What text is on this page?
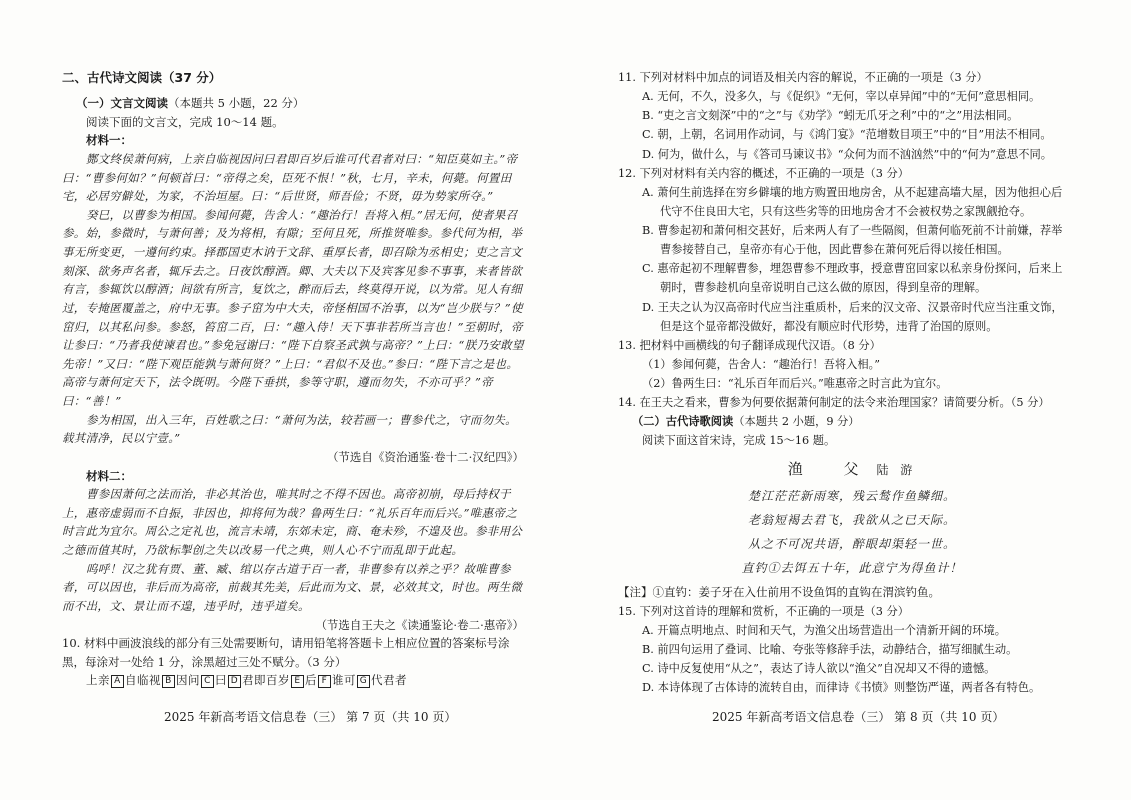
二、古代诗文阅读（37 分）

（一）文言文阅读（本题共 5 小题，22 分）

阅读下面的文言文，完成 10～14 题。

材料一：

酂文终侯萧何病，上亲自临视因问曰君即百岁后谁可代君者对曰：“知臣莫如主。”帝曰：“曹参何如？”何顿首曰：“帝得之矣，臣死不恨！”秋，七月，辛未，何薨。何置田宅，必居穷僻处，为家，不治垣屋。曰：“后世贤，师吾俭；不贤，毋为势家所夺。”

癸巳，以曹参为相国。参闻何薨，告舍人：“趣治行！吾将入相。”居无何，使者果召参。始，参微时，与萧何善；及为将相，有隙；至何且死，所推贤唯参。参代何为相，举事无所变更，一遵何约束。择郡国吏木讷于文辞、重厚长者，即召除为丞相史；吏之言文刻深、欲务声名者，辄斥去之。日夜饮醇酒。卿、大夫以下及宾客见参不事事，来者皆欲有言，参辄饮以醇酒；间欲有所言，复饮之，醉而后去，终莫得开说，以为常。见人有细过，专掩匿覆盖之，府中无事。参子窋为中大夫，帝怪相国不治事，以为“岂少朕与？”使窋归，以其私问参。参怒，笞窋二百，曰：“趣入侍！天下事非若所当言也！”至朝时，帝让参曰：“乃者我使谏君也。”参免冠谢曰：“陛下自察圣武孰与高帝？”上曰：“朕乃安敢望先帝！”又曰：“陛下观臣能孰与萧何贤？”上曰：“君似不及也。”参曰：“陛下言之是也。高帝与萧何定天下，法令既明。今陛下垂拱，参等守职，遵而勿失，不亦可乎？”帝曰：“善！”

参为相国，出入三年，百姓歌之曰：“萧何为法，较若画一；曹参代之，守而勿失。载其清净，民以宁壹。”

（节选自《资治通鉴·卷十二·汉纪四》）

材料二：

曹参因萧何之法而治，非必其治也，唯其时之不得不因也。高帝初崩，母后持权于上，惠帝虚弱而不自振，非因也，抑将何为哉？鲁两生曰：“礼乐百年而后兴。”唯惠帝之时言此为宜尔。周公之定礼也，流言未靖，东郊未定，商、奄未殄，不遑及也。参非用公之德而值其时，乃欲标掣创之失以改易一代之典，则人心不宁而乱即于此起。

呜呼！汉之犹有贾、董、臧、绾以存古道于百一者，非曹参有以养之乎？故唯曹参者，可以因也，非后而为高帝，前裁其先美，后此而为文、景，必效其文，时也。两生微而不出，文、景让而不遑，违乎时，违乎道矣。

（节选自王夫之《读通鉴论·卷二·惠帝》）

10. 材料中画波浪线的部分有三处需要断句，请用铅笔将答题卡上相应位置的答案标号涂黑，每涂对一处给 1 分，涂黑超过三处不赋分。（3 分）

上亲 A 自临视 B 因问 C 曰 D 君即百岁 E 后 F 谁可 G 代君者

2025 年新高考语文信息卷（三） 第 7 页（共 10 页）

11. 下列对材料中加点的词语及相关内容的解说，不正确的一项是（3 分）

A. 无何，不久，没多久，与《促织》“无何，宰以卓异闻”中的“无何”意思相同。

B. “吏之言文刻深”中的“之”与《劝学》“蚓无爪牙之利”中的“之”用法相同。

C. 朝，上朝，名词用作动词，与《鸿门宴》“范增数目项王”中的“目”用法不相同。

D. 何为，做什么，与《答司马谏议书》“众何为而不汹汹然”中的“何为”意思不同。

12. 下列对材料有关内容的概述，不正确的一项是（3 分）

A. 萧何生前选择在穷乡僻壤的地方购置田地房舍，从不起建高墙大屋，因为他担心后

代守不住良田大宅，只有这些劣等的田地房舍才不会被权势之家觊觎抢夺。

B. 曹参起初和萧何相交甚好，后来两人有了一些隔阂，但萧何临死前不计前嫌，荐举

曹参接替自己，皇帝亦有心于他，因此曹参在萧何死后得以接任相国。

C. 惠帝起初不理解曹参，埋怨曹参不理政事，授意曹窋回家以私亲身份探问，后来上

朝时，曹参趁机向皇帝说明自己这么做的原因，得到皇帝的理解。

D. 王夫之认为汉高帝时代应当注重质朴，后来的汉文帝、汉景帝时代应当注重文饰，

但是这个显帝都没做好，都没有顺应时代形势，违背了治国的原则。

13. 把材料中画横线的句子翻译成现代汉语。（8 分）

（1）参闻何薨，告舍人：“趣治行！吾将入相。”

（2）鲁两生曰：“礼乐百年而后兴。”唯惠帝之时言此为宜尔。

14. 在王夫之看来，曹参为何要依据萧何制定的法令来治理国家？请简要分析。（5 分）

（二）古代诗歌阅读（本题共 2 小题，9 分）

阅读下面这首宋诗，完成 15～16 题。

渔 父陆 游

楚江茫茫新雨寒，残云鹙作鱼鳞细。

老翁短褐去君飞，我欲从之已天际。

从之不可况共语，醉眼却渠轻一世。

直钓①去饵五十年，此意宁为得鱼计！

【注】①直钓：姜子牙在入仕前用不设鱼饵的直钩在渭滨钓鱼。

15. 下列对这首诗的理解和赏析，不正确的一项是（3 分）

A. 开篇点明地点、时间和天气，为渔父出场营造出一个清新开阔的环境。

B. 前四句运用了叠词、比喻、夸张等修辞手法，动静结合，描写细腻生动。

C. 诗中反复使用“从之”，表达了诗人欲以“渔父”自况却又不得的遗憾。

D. 本诗体现了古体诗的流转自由，而律诗《书愤》则整饬严谨，两者各有特色。

2025 年新高考语文信息卷（三） 第 8 页（共 10 页）
